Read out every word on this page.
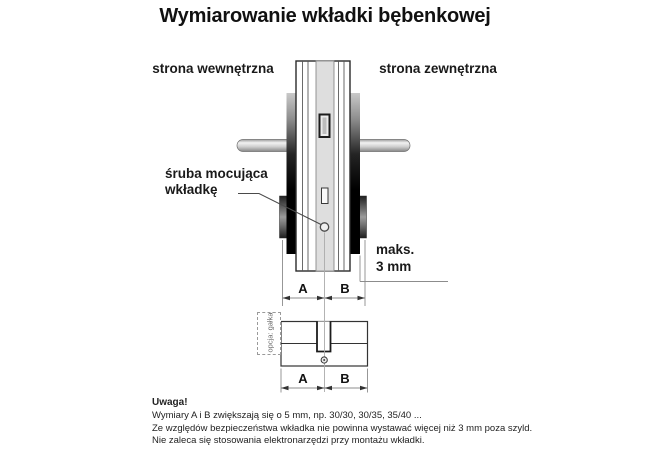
Wymiarowanie wkładki bębenkowej
strona wewnętrzna	strona zewnętrzna
śruba mocująca
wkładkę
maks.
3 mm
A	B
opcja: gałka
A	B
Uwaga!
Wymiary A i B zwiększają się o 5 mm, np. 30/30, 30/35, 35/40 ...
Ze względów bezpieczeństwa wkładka nie powinna wystawać więcej niż 3 mm poza szyld.
Nie zaleca się stosowania elektronarzędzi przy montażu wkładki.
